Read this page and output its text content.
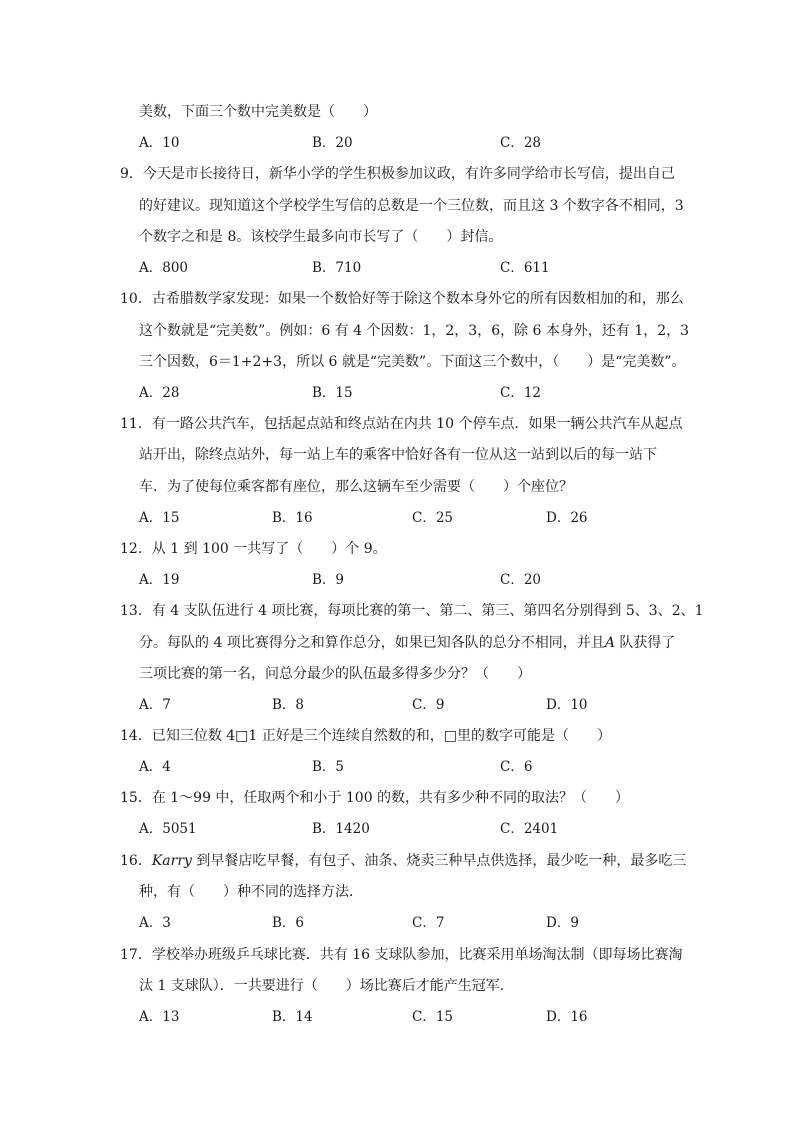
美数，下面三个数中完美数是（　　）
A．10	B．20	C．28
9．今天是市长接待日，新华小学的学生积极参加议政，有许多同学给市长写信，提出自己
的好建议。现知道这个学校学生写信的总数是一个三位数，而且这 3 个数字各不相同，3
个数字之和是 8。该校学生最多向市长写了（　　）封信。
A．800	B．710	C．611
10．古希腊数学家发现：如果一个数恰好等于除这个数本身外它的所有因数相加的和，那么
这个数就是“完美数”。例如：6 有 4 个因数：1，2，3，6，除 6 本身外，还有 1，2，3
三个因数，6＝1+2+3，所以 6 就是“完美数”。下面这三个数中，（　　）是“完美数”。
A．28	B．15	C．12
11．有一路公共汽车，包括起点站和终点站在内共 10 个停车点．如果一辆公共汽车从起点
站开出，除终点站外，每一站上车的乘客中恰好各有一位从这一站到以后的每一站下
车．为了使每位乘客都有座位，那么这辆车至少需要（　　）个座位？
A．15	B．16	C．25	D．26
12．从 1 到 100 一共写了（　　）个 9。
A．19	B．9	C．20
13．有 4 支队伍进行 4 项比赛，每项比赛的第一、第二、第三、第四名分别得到 5、3、2、1
分。每队的 4 项比赛得分之和算作总分，如果已知各队的总分不相同，并且A 队获得了
三项比赛的第一名，问总分最少的队伍最多得多少分？（　　）
A．7	B．8	C．9	D．10
14．已知三位数 4□1 正好是三个连续自然数的和，□里的数字可能是（　　）
A．4	B．5	C．6
15．在 1～99 中，任取两个和小于 100 的数，共有多少种不同的取法？（　　）
A．5051	B．1420	C．2401
16．Karry 到早餐店吃早餐，有包子、油条、烧卖三种早点供选择，最少吃一种，最多吃三
种，有（　　）种不同的选择方法．
A．3	B．6	C．7	D．9
17．学校举办班级乒乓球比赛．共有 16 支球队参加，比赛采用单场淘汰制（即每场比赛淘
汰 1 支球队）．一共要进行（　　）场比赛后才能产生冠军．
A．13	B．14	C．15	D．16
